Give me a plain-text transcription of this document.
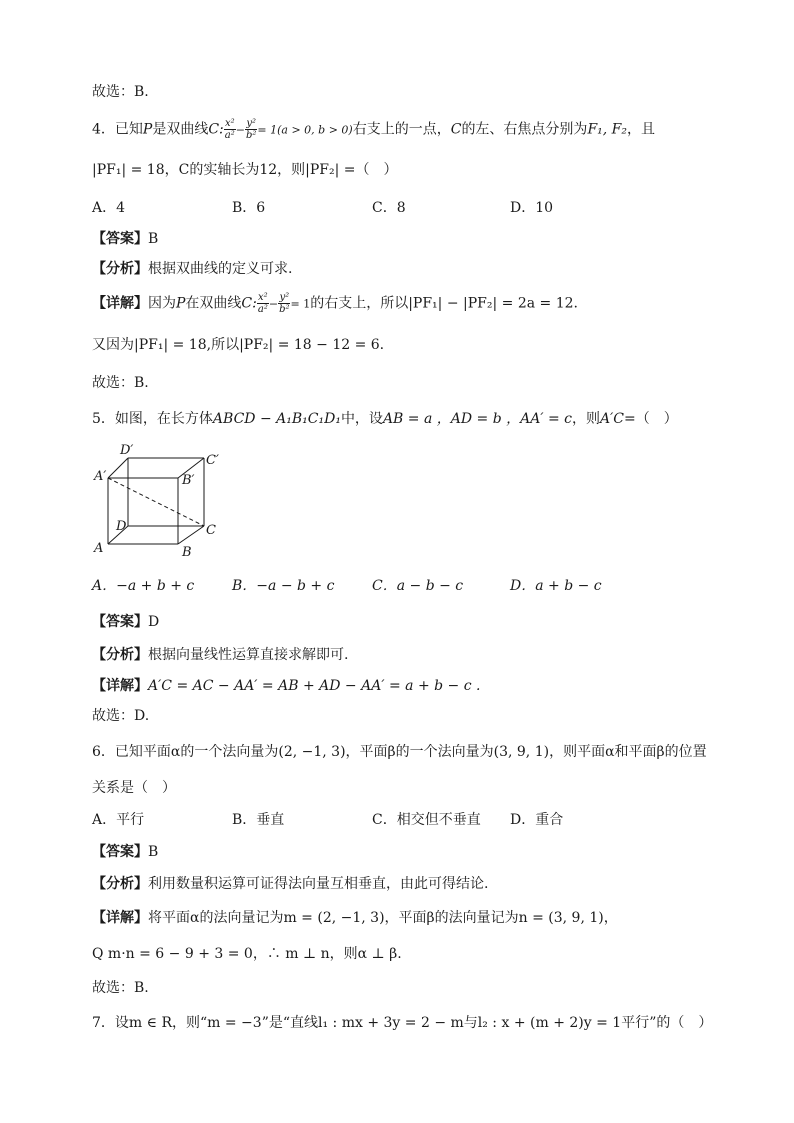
故选：B.
4．已知P是双曲线C: $\frac{\text{x²}}{\text{a²}} - \frac{\text{y²}}{\text{b²}} = 1(a > 0$, b > 0)右支上的一点，C的左、右焦点分别为F₁, F₂，且
|PF₁| = 18，C的实轴长为12，则|PF₂| =（　）
A．4	B．6	C．8	D．10
【答案】B
【分析】根据双曲线的定义可求.
【详解】因为P在双曲线C: $\frac{\text{x²}}{\text{a²}} - \frac{\text{y²}}{\text{b²}} = 1$的右支上，所以|PF₁| − |PF₂| = 2a = 12.
又因为|PF₁| = 18,所以|PF₂| = 18 − 12 = 6.
故选：B.
5．如图，在长方体ABCD − A₁B₁C₁D₁中，设AB = a ，AD = b ，AA′ = c，则A′C=（　）
D′
C′
A′	B′
D	C
A	B
A．−a + b + c	B．−a − b + c	C．a − b − c	D．a + b − c
【答案】D
【分析】根据向量线性运算直接求解即可.
【详解】A′C = AC − AA′ = AB + AD − AA′ = a + b − c .
故选：D.
6．已知平面α的一个法向量为(2, −1, 3)，平面β的一个法向量为(3, 9, 1)，则平面α和平面β的位置
关系是（　）
A．平行	B．垂直	C．相交但不垂直 D．重合
【答案】B
【分析】利用数量积运算可证得法向量互相垂直，由此可得结论.
【详解】将平面α的法向量记为m = (2, −1, 3)，平面β的法向量记为n = (3, 9, 1)，
Q m·n = 6 − 9 + 3 = 0，∴ m ⊥ n，则α ⊥ β.
故选：B.
7．设m ∈ R，则“m = −3”是“直线l₁ : mx + 3y = 2 − m与l₂ : x + (m + 2)y = 1平行”的（　）
